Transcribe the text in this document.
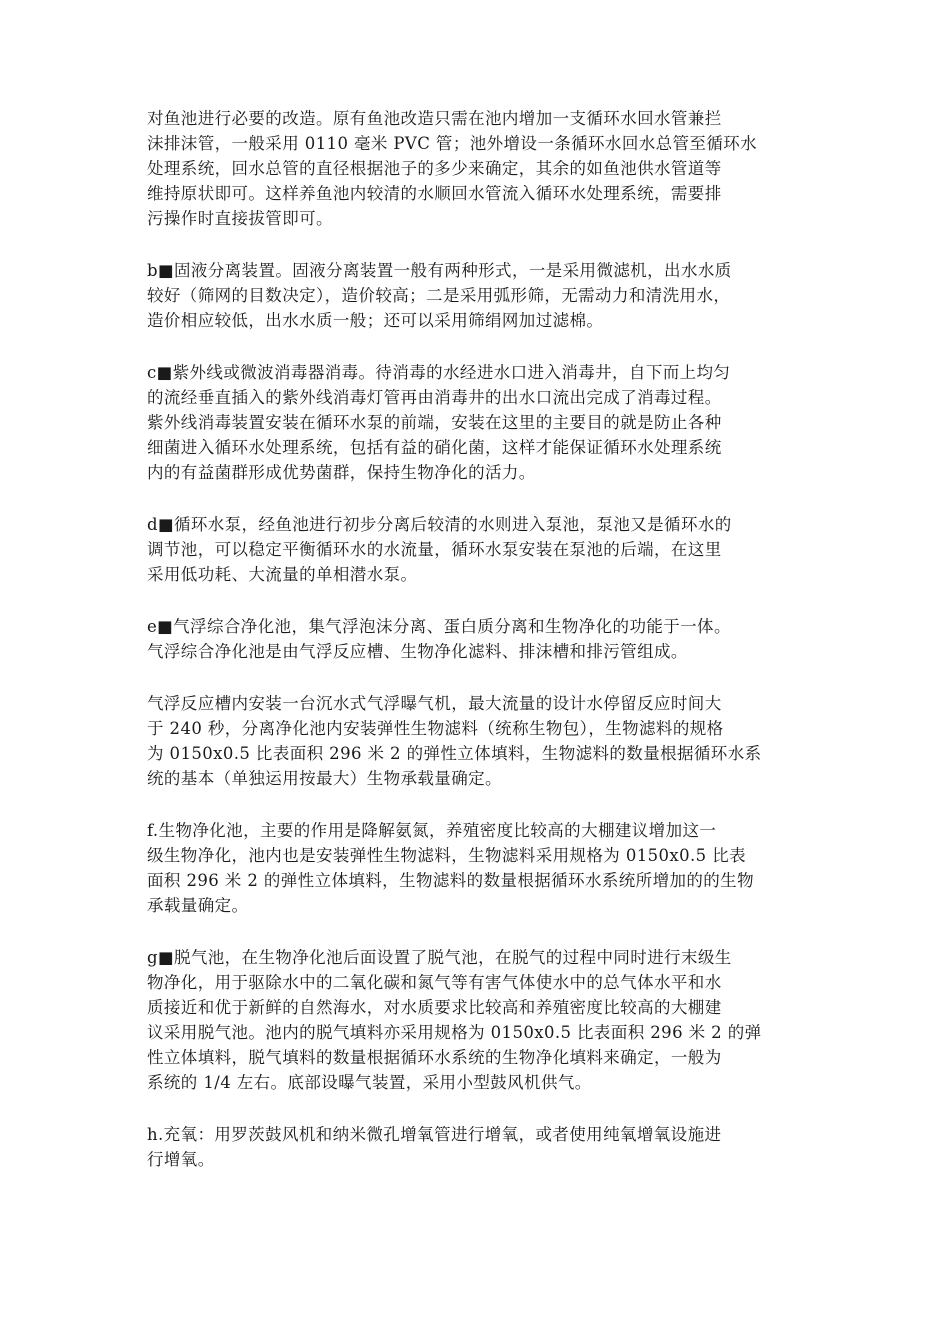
对鱼池进行必要的改造。原有鱼池改造只需在池内增加一支循环水回水管兼拦
沫排沫管，一般采用 0110 毫米 PVC 管；池外增设一条循环水回水总管至循环水
处理系统，回水总管的直径根据池子的多少来确定，其余的如鱼池供水管道等
维持原状即可。这样养鱼池内较清的水顺回水管流入循环水处理系统，需要排
污操作时直接拔管即可。
b■固液分离装置。固液分离装置一般有两种形式，一是采用微滤机，出水水质
较好（筛网的目数决定），造价较高；二是采用弧形筛，无需动力和清洗用水，
造价相应较低，出水水质一般；还可以采用筛绢网加过滤棉。
c■紫外线或微波消毒器消毒。待消毒的水经进水口进入消毒井，自下而上均匀
的流经垂直插入的紫外线消毒灯管再由消毒井的出水口流出完成了消毒过程。
紫外线消毒装置安装在循环水泵的前端，安装在这里的主要目的就是防止各种
细菌进入循环水处理系统，包括有益的硝化菌，这样才能保证循环水处理系统
内的有益菌群形成优势菌群，保持生物净化的活力。
d■循环水泵，经鱼池进行初步分离后较清的水则进入泵池，泵池又是循环水的
调节池，可以稳定平衡循环水的水流量，循环水泵安装在泵池的后端，在这里
采用低功耗、大流量的单相潜水泵。
e■气浮综合净化池，集气浮泡沫分离、蛋白质分离和生物净化的功能于一体。
气浮综合净化池是由气浮反应槽、生物净化滤料、排沫槽和排污管组成。
气浮反应槽内安装一台沉水式气浮曝气机，最大流量的设计水停留反应时间大
于 240 秒，分离净化池内安装弹性生物滤料（统称生物包），生物滤料的规格
为 0150x0.5 比表面积 296 米 2 的弹性立体填料，生物滤料的数量根据循环水系
统的基本（单独运用按最大）生物承载量确定。
f.生物净化池，主要的作用是降解氨氮，养殖密度比较高的大棚建议增加这一
级生物净化，池内也是安装弹性生物滤料，生物滤料采用规格为 0150x0.5 比表
面积 296 米 2 的弹性立体填料，生物滤料的数量根据循环水系统所增加的的生物
承载量确定。
g■脱气池，在生物净化池后面设置了脱气池，在脱气的过程中同时进行末级生
物净化，用于驱除水中的二氧化碳和氮气等有害气体使水中的总气体水平和水
质接近和优于新鲜的自然海水，对水质要求比较高和养殖密度比较高的大棚建
议采用脱气池。池内的脱气填料亦采用规格为 0150x0.5 比表面积 296 米 2 的弹
性立体填料，脱气填料的数量根据循环水系统的生物净化填料来确定，一般为
系统的 1/4 左右。底部设曝气装置，采用小型鼓风机供气。
h.充氧：用罗茨鼓风机和纳米微孔增氧管进行增氧，或者使用纯氧增氧设施进
行增氧。
